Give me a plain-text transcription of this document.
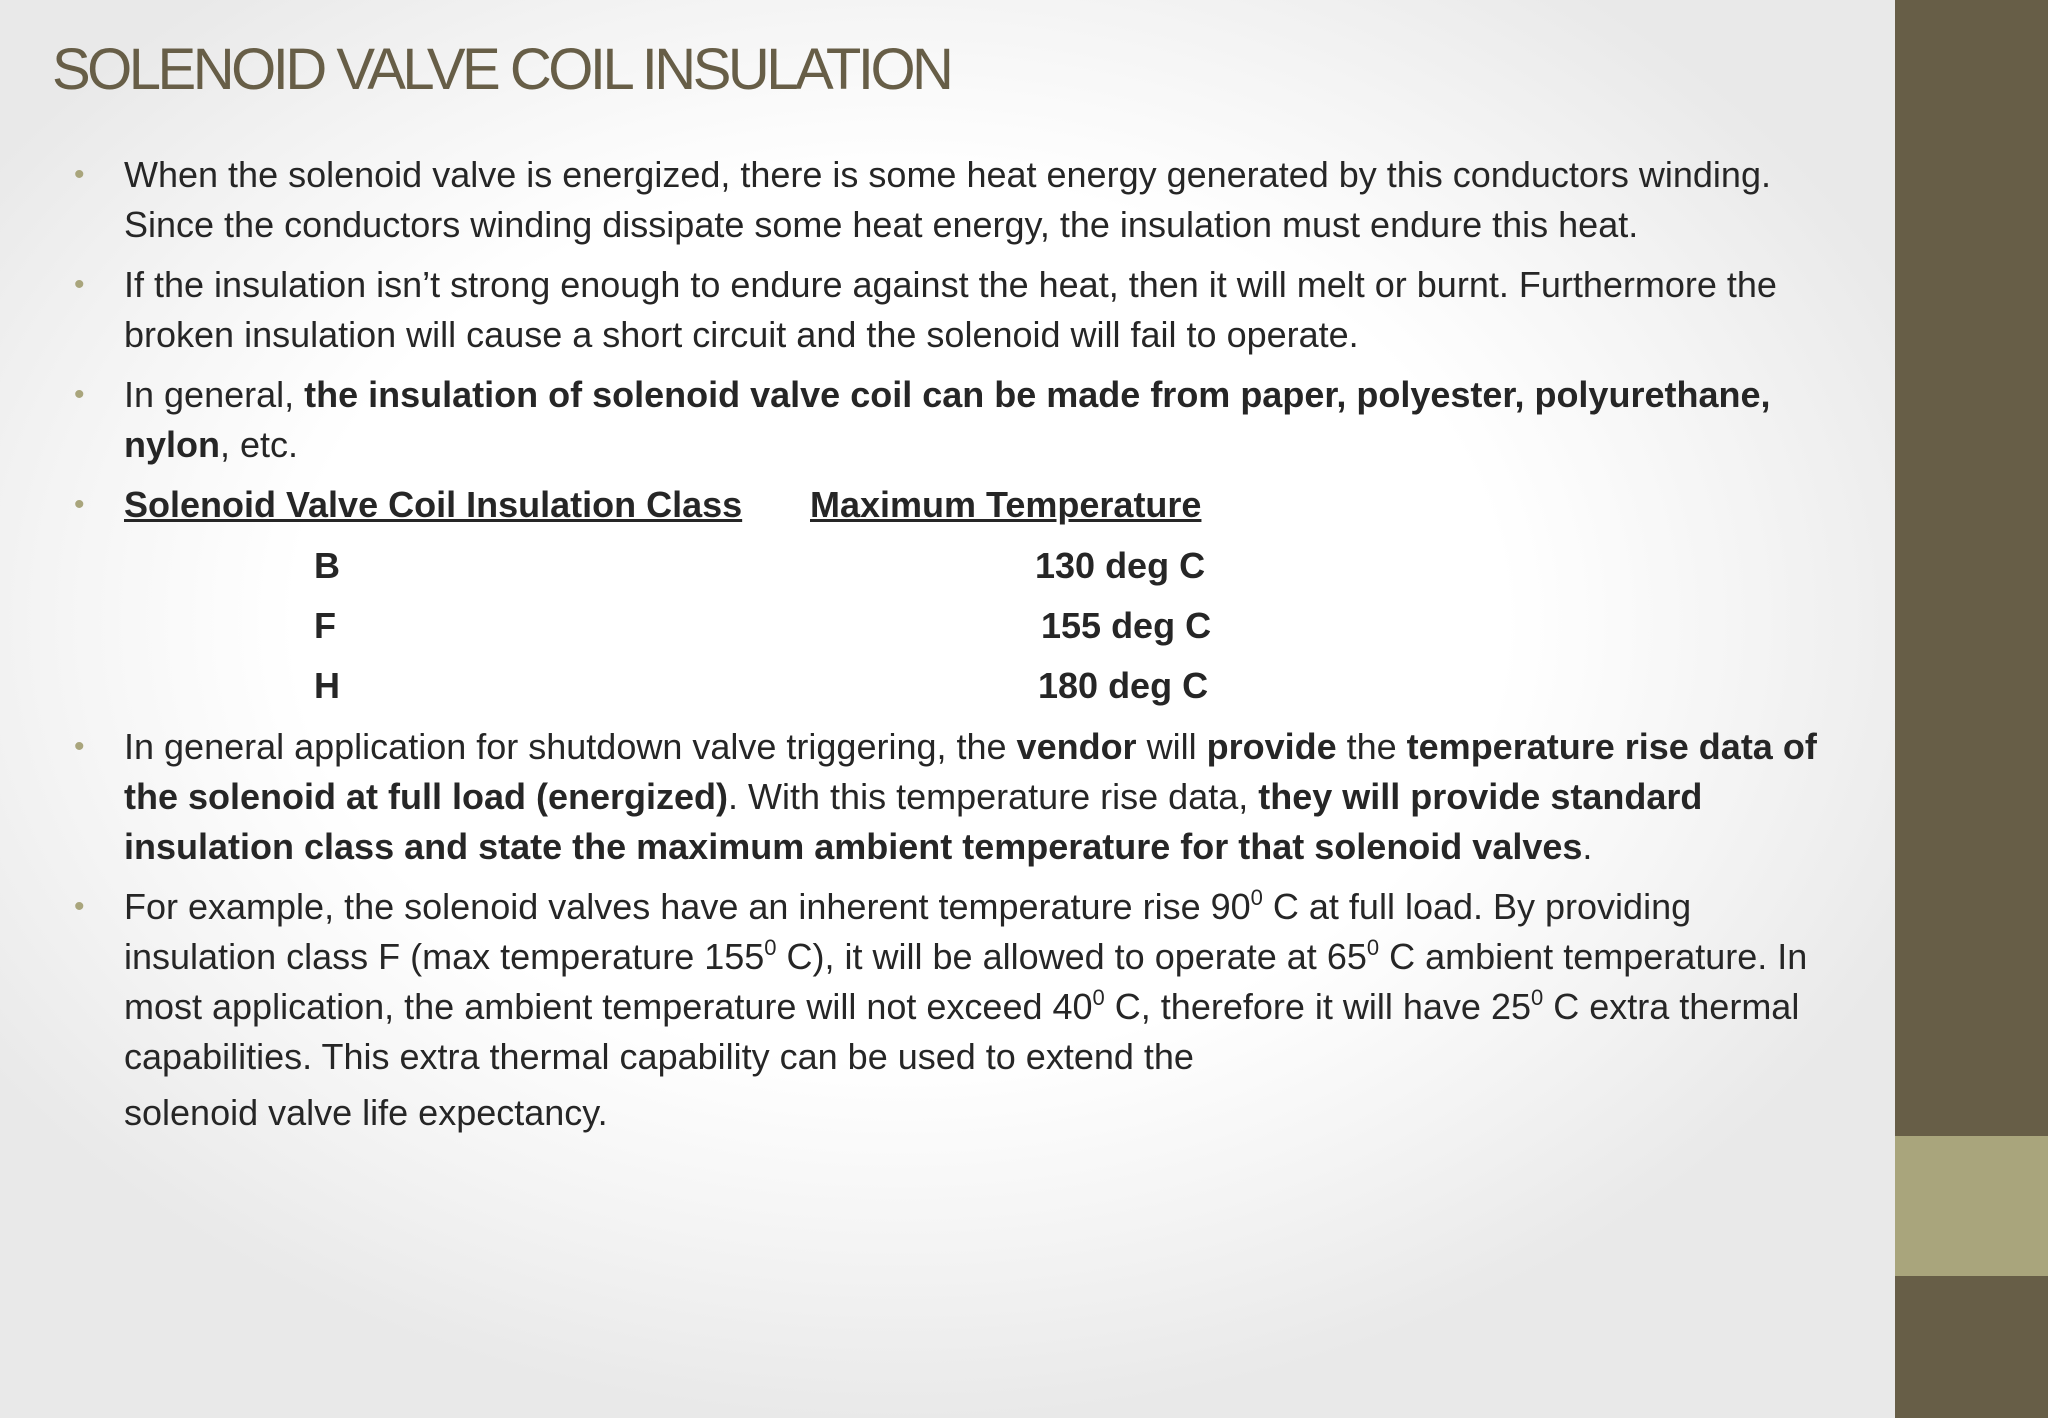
SOLENOID VALVE COIL INSULATION
• When the solenoid valve is energized, there is some heat energy generated by this conductors winding. Since the conductors winding dissipate some heat energy, the insulation must endure this heat.
• If the insulation isn’t strong enough to endure against the heat, then it will melt or burnt. Furthermore the broken insulation will cause a short circuit and the solenoid will fail to operate.
• In general, the insulation of solenoid valve coil can be made from paper, polyester, polyurethane, nylon, etc.
• Solenoid Valve Coil Insulation Class	Maximum Temperature
B	130 deg C
F	155 deg C
H	180 deg C
• In general application for shutdown valve triggering, the vendor will provide the temperature rise data of the solenoid at full load (energized). With this temperature rise data, they will provide standard insulation class and state the maximum ambient temperature for that solenoid valves.
• For example, the solenoid valves have an inherent temperature rise $90^0$ C at full load. By providing insulation class F (max temperature $155^0$ C), it will be allowed to operate at $65^0$ C ambient temperature. In most application, the ambient temperature will not exceed $40^0$ C, therefore it will have $25^0$ C extra thermal capabilities. This extra thermal capability can be used to extend the
solenoid valve life expectancy.
